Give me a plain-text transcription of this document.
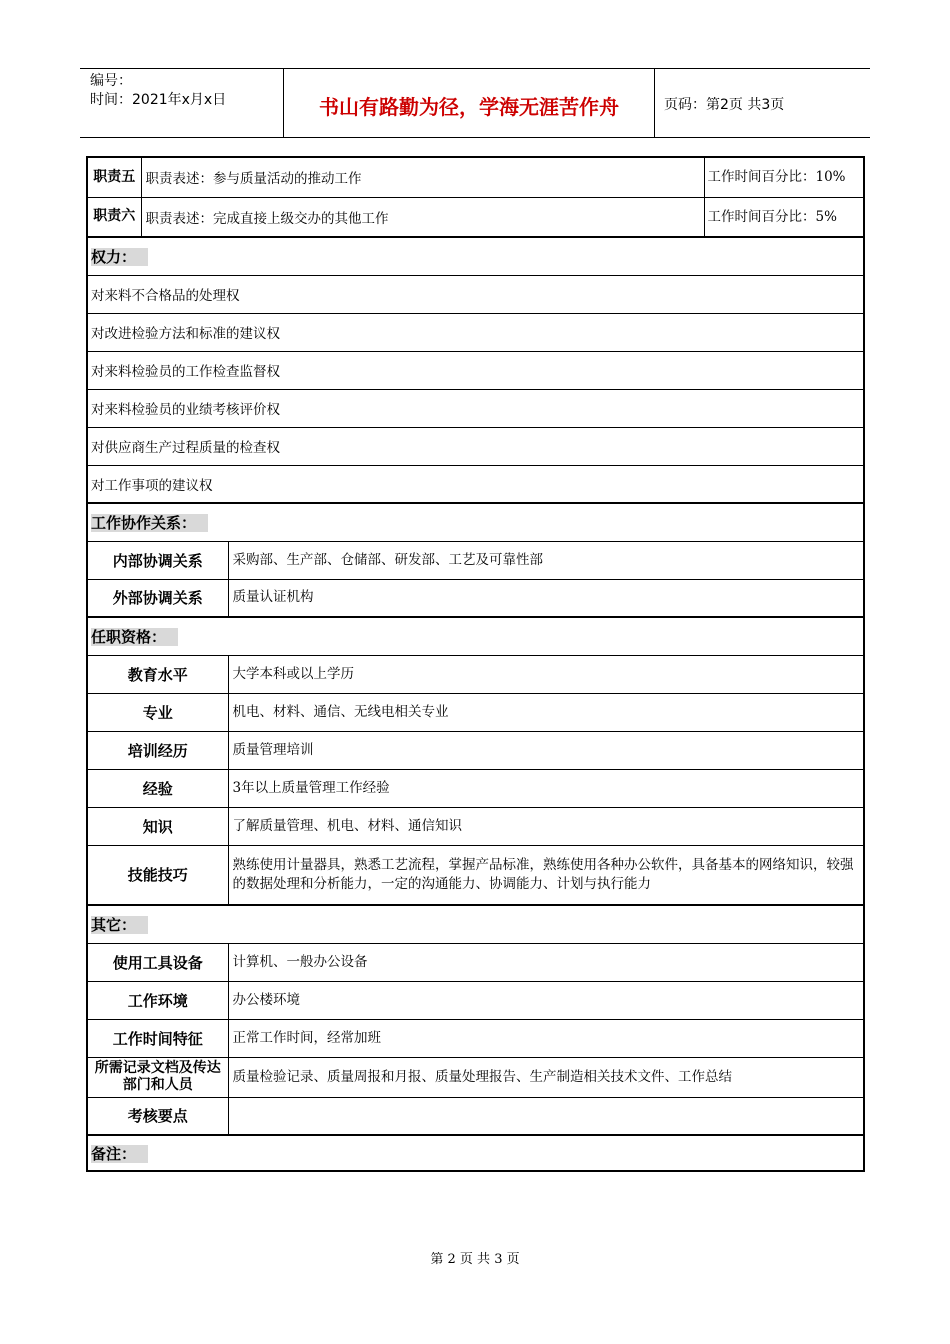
编号：
时间：2021年x月x日	书山有路勤为径，学海无涯苦作舟	页码：第2页 共3页
职责五	职责表述：参与质量活动的推动工作		工作时间百分比：10%
职责六	职责表述：完成直接上级交办的其他工作		工作时间百分比：5%
权力：			
对来料不合格品的处理权			
对改进检验方法和标准的建议权			
对来料检验员的工作检查监督权			
对来料检验员的业绩考核评价权			
对供应商生产过程质量的检查权			
对工作事项的建议权			
工作协作关系：			
内部协调关系		采购部、生产部、仓储部、研发部、工艺及可靠性部	
外部协调关系		质量认证机构	
任职资格：			
教育水平		大学本科或以上学历	
专业		机电、材料、通信、无线电相关专业	
培训经历		质量管理培训	
经验		3年以上质量管理工作经验	
知识		了解质量管理、机电、材料、通信知识	
技能技巧		熟练使用计量器具，熟悉工艺流程，掌握产品标准，熟练使用各种办公软件，具备基本的网络知识，较强的数据处理和分析能力，一定的沟通能力、协调能力、计划与执行能力	
其它：			
使用工具设备		计算机、一般办公设备	
工作环境		办公楼环境	
工作时间特征		正常工作时间，经常加班	
所需记录文档及传达部门和人员		质量检验记录、质量周报和月报、质量处理报告、生产制造相关技术文件、工作总结	
考核要点			
备注：			
第 2 页 共 3 页
